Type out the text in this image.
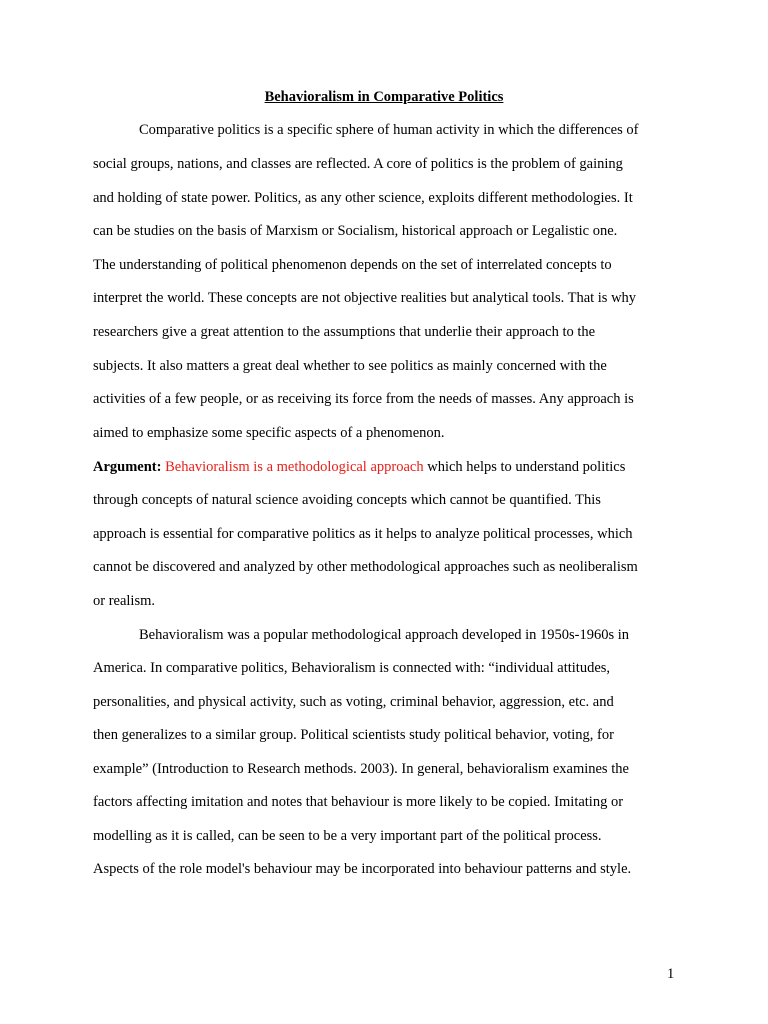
Behavioralism in Comparative Politics
Comparative politics is a specific sphere of human activity in which the differences of
social groups, nations, and classes are reflected. A core of politics is the problem of gaining
and holding of state power. Politics, as any other science, exploits different methodologies. It
can be studies on the basis of Marxism or Socialism, historical approach or Legalistic one.
The understanding of political phenomenon depends on the set of interrelated concepts to
interpret the world. These concepts are not objective realities but analytical tools. That is why
researchers give a great attention to the assumptions that underlie their approach to the
subjects. It also matters a great deal whether to see politics as mainly concerned with the
activities of a few people, or as receiving its force from the needs of masses. Any approach is
aimed to emphasize some specific aspects of a phenomenon.
Argument: Behavioralism is a methodological approach which helps to understand politics
through concepts of natural science avoiding concepts which cannot be quantified. This
approach is essential for comparative politics as it helps to analyze political processes, which
cannot be discovered and analyzed by other methodological approaches such as neoliberalism
or realism.
Behavioralism was a popular methodological approach developed in 1950s-1960s in
America. In comparative politics, Behavioralism is connected with: “individual attitudes,
personalities, and physical activity, such as voting, criminal behavior, aggression, etc. and
then generalizes to a similar group. Political scientists study political behavior, voting, for
example” (Introduction to Research methods. 2003). In general, behavioralism examines the
factors affecting imitation and notes that behaviour is more likely to be copied. Imitating or
modelling as it is called, can be seen to be a very important part of the political process.
Aspects of the role model's behaviour may be incorporated into behaviour patterns and style.
1
